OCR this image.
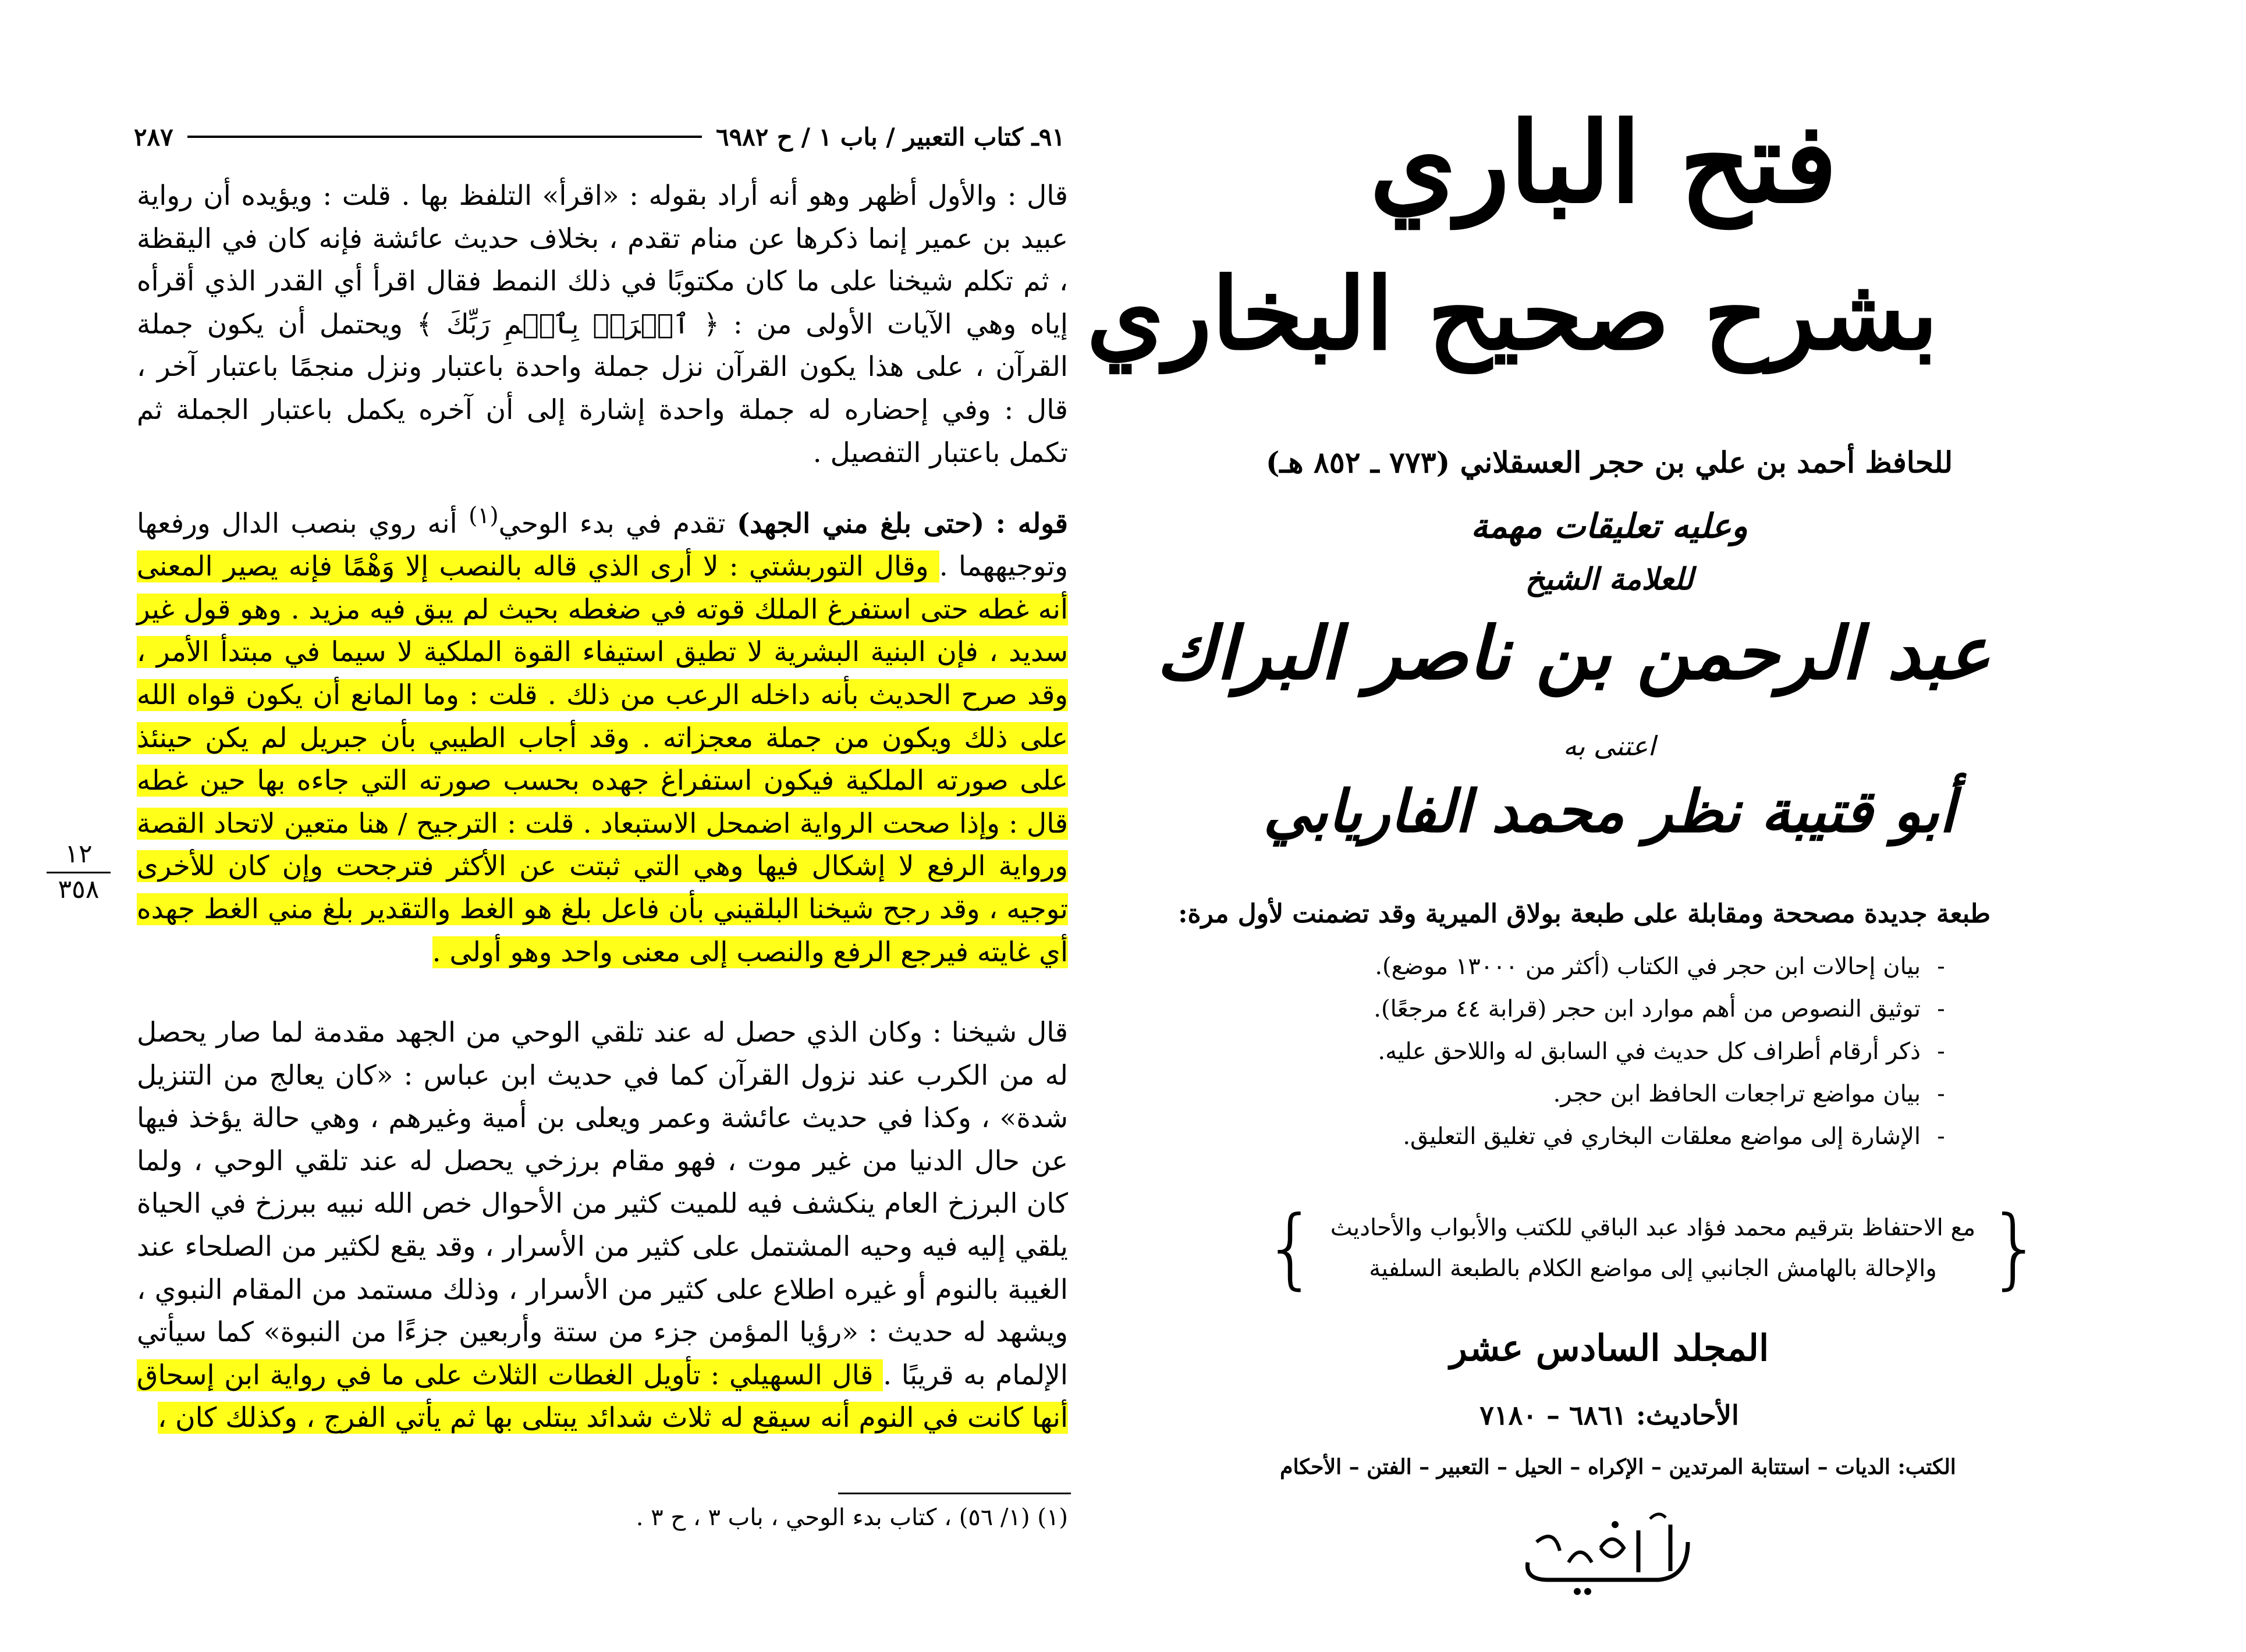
٩١ـ كتاب التعبير / باب ١ / ح ٦٩٨٢
٢٨٧
قال : والأول أظهر وهو أنه أراد بقوله : «اقرأ» التلفظ بها . قلت : ويؤيده أن رواية عبيد بن عمير إنما ذكرها عن منام تقدم ، بخلاف حديث عائشة فإنه كان في اليقظة ، ثم تكلم شيخنا على ما كان مكتوبًا في ذلك النمط فقال اقرأ أي القدر الذي أقرأه إياه وهي الآيات الأولى من : ﴿ ٱقۡرَأۡ بِٱسۡمِ رَبِّكَ ﴾ ويحتمل أن يكون جملة القرآن ، على هذا يكون القرآن نزل جملة واحدة باعتبار ونزل منجمًا باعتبار آخر ، قال : وفي إحضاره له جملة واحدة إشارة إلى أن آخره يكمل باعتبار الجملة ثم تكمل باعتبار التفصيل .
قوله : (حتى بلغ مني الجهد) تقدم في بدء الوحي$^{(١)}$ أنه روي بنصب الدال ورفعها وتوجيههما . وقال التوربشتي : لا أرى الذي قاله بالنصب إلا وَهْمًا فإنه يصير المعنى أنه غطه حتى استفرغ الملك قوته في ضغطه بحيث لم يبق فيه مزيد . وهو قول غير سديد ، فإن البنية البشرية لا تطيق استيفاء القوة الملكية لا سيما في مبتدأ الأمر ، وقد صرح الحديث بأنه داخله الرعب من ذلك . قلت : وما المانع أن يكون قواه الله على ذلك ويكون من جملة معجزاته . وقد أجاب الطيبي بأن جبريل لم يكن حينئذ على صورته الملكية فيكون استفراغ جهده بحسب صورته التي جاءه بها حين غطه قال : وإذا صحت الرواية اضمحل الاستبعاد . قلت : الترجيح / هنا متعين لاتحاد القصة ورواية الرفع لا إشكال فيها وهي التي ثبتت عن الأكثر فترجحت وإن كان للأخرى توجيه ، وقد رجح شيخنا البلقيني بأن فاعل بلغ هو الغط والتقدير بلغ مني الغط جهده أي غايته فيرجع الرفع والنصب إلى معنى واحد وهو أولى .
قال شيخنا : وكان الذي حصل له عند تلقي الوحي من الجهد مقدمة لما صار يحصل له من الكرب عند نزول القرآن كما في حديث ابن عباس : «كان يعالج من التنزيل شدة» ، وكذا في حديث عائشة وعمر ويعلى بن أمية وغيرهم ، وهي حالة يؤخذ فيها عن حال الدنيا من غير موت ، فهو مقام برزخي يحصل له عند تلقي الوحي ، ولما كان البرزخ العام ينكشف فيه للميت كثير من الأحوال خص الله نبيه ببرزخ في الحياة يلقي إليه فيه وحيه المشتمل على كثير من الأسرار ، وقد يقع لكثير من الصلحاء عند الغيبة بالنوم أو غيره اطلاع على كثير من الأسرار ، وذلك مستمد من المقام النبوي ، ويشهد له حديث : «رؤيا المؤمن جزء من ستة وأربعين جزءًا من النبوة» كما سيأتي الإلمام به قريبًا . قال السهيلي : تأويل الغطات الثلاث على ما في رواية ابن إسحاق أنها كانت في النوم أنه سيقع له ثلاث شدائد يبتلى بها ثم يأتي الفرج ، وكذلك كان ،
١٢
٣٥٨
(١) (١/ ٥٦) ، كتاب بدء الوحي ، باب ٣ ، ح ٣ .
فتح الباري
بشرح صحيح البخاري
للحافظ أحمد بن علي بن حجر العسقلاني (٧٧٣ ـ ٨٥٢ هـ)
وعليه تعليقات مهمة
للعلامة الشيخ
عبد الرحمن بن ناصر البراك
اعتنى به
أبو قتيبة نظر محمد الفاريابي
طبعة جديدة مصححة ومقابلة على طبعة بولاق الميرية وقد تضمنت لأول مرة:
-بيان إحالات ابن حجر في الكتاب (أكثر من ١٣٠٠٠ موضع).
-توثيق النصوص من أهم موارد ابن حجر (قرابة ٤٤ مرجعًا).
-ذكر أرقام أطراف كل حديث في السابق له واللاحق عليه.
-بيان مواضع تراجعات الحافظ ابن حجر.
-الإشارة إلى مواضع معلقات البخاري في تغليق التعليق.
{
مع الاحتفاظ بترقيم محمد فؤاد عبد الباقي للكتب والأبواب والأحاديث
والإحالة بالهامش الجانبي إلى مواضع الكلام بالطبعة السلفية
}
المجلد السادس عشر
الأحاديث: ٦٨٦١ – ٧١٨٠
الكتب: الديات – استتابة المرتدين – الإكراه – الحيل – التعبير – الفتن – الأحكام
